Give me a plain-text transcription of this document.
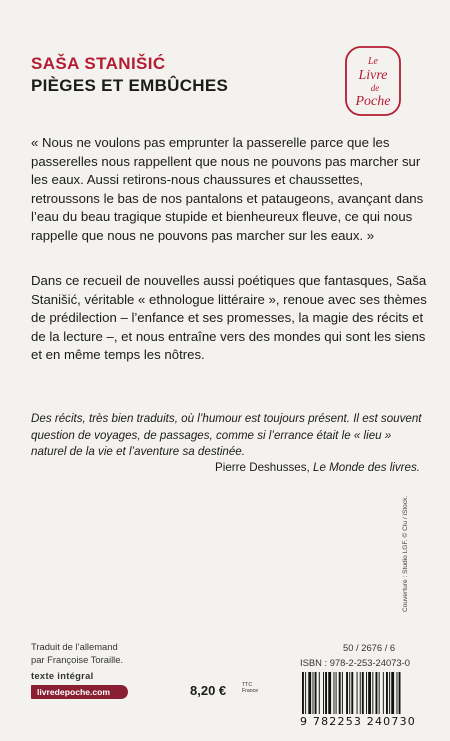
SAŠA STANIŠIĆ
PIÈGES ET EMBÛCHES
Le
Livre
de
Poche
« Nous ne voulons pas emprunter la passerelle parce que les passerelles nous rappellent que nous ne pouvons pas marcher sur les eaux. Aussi retirons-nous chaussures et chaussettes, retroussons le bas de nos pantalons et pataugeons, avançant dans l’eau du beau tragique stupide et bienheureux fleuve, ce qui nous rappelle que nous ne pouvons pas marcher sur les eaux. »
Dans ce recueil de nouvelles aussi poétiques que fantasques, Saša Stanišić, véritable « ethnologue littéraire », renoue avec ses thèmes de prédilection – l’enfance et ses promesses, la magie des récits et de la lecture –, et nous entraîne vers des mondes qui sont les siens et en même temps les nôtres.
Des récits, très bien traduits, où l’humour est toujours présent. Il est souvent question de voyages, de passages, comme si l’errance était le « lieu » naturel de la vie et l’aventure sa destinée.
Pierre Deshusses, Le Monde des livres.
Couverture : Studio LGF. © Clu / iStock.
Traduit de l’allemand
par Françoise Toraille.
texte intégral
livredepoche.com	8,20 €	TTC
France
50 / 2676 / 6
ISBN : 978-2-253-24073-0
9 782253 240730
